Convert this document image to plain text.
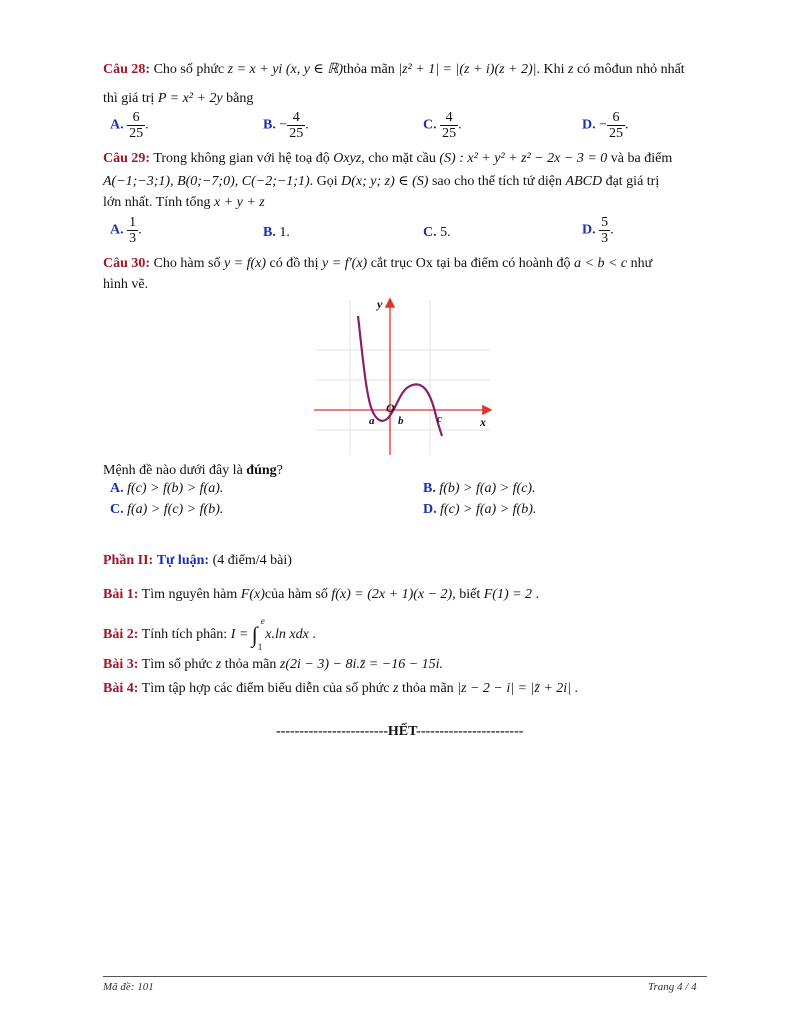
Câu 28: Cho số phức z = x + yi (x, y ∈ ℝ)thỏa mãn |z² + 1| = |(z + i)(z + 2)|. Khi z có môđun nhỏ nhất
thì giá trị P = x² + 2y bằng
A. $\frac{6}{25}$ .	B. − $\frac{4}{25}$ .	C. $\frac{4}{25}$ .	D. − $\frac{6}{25}$ .
Câu 29: Trong không gian với hệ toạ độ Oxyz, cho mặt cầu (S) : x² + y² + z² − 2x − 3 = 0 và ba điểm
A(−1;−3;1), B(0;−7;0), C(−2;−1;1). Gọi D(x; y; z) ∈ (S) sao cho thể tích tứ diện ABCD đạt giá trị
lớn nhất. Tính tổng x + y + z
A. $\frac{1}{3}$ .	B. 1.	C. 5.	D. $\frac{5}{3}$ .
Câu 30: Cho hàm số y = f(x) có đồ thị y = f′(x) cắt trục Ox tại ba điểm có hoành độ a < b < c như
hình vẽ.
y
x
O
a b	c
Mệnh đề nào dưới đây là đúng?
A. f(c) > f(b) > f(a).	B. f(b) > f(a) > f(c).
C. f(a) > f(c) > f(b).	D. f(c) > f(a) > f(b).
Phần II: Tự luận: (4 điểm/4 bài)
Bài 1: Tìm nguyên hàm F(x)của hàm số f(x) = (2x + 1)(x − 2), biết F(1) = 2 .
Bài 2: Tính tích phân: I = ∫
e
1
x.ln xdx .
Bài 3: Tìm số phức z thỏa mãn z(2i − 3) − 8i.z̄ = −16 − 15i.
Bài 4: Tìm tập hợp các điểm biểu diễn của số phức z thỏa mãn |z − 2 − i| = |z̄ + 2i| .
------------------------HẾT-----------------------
Mã đề: 101	Trang 4 / 4
